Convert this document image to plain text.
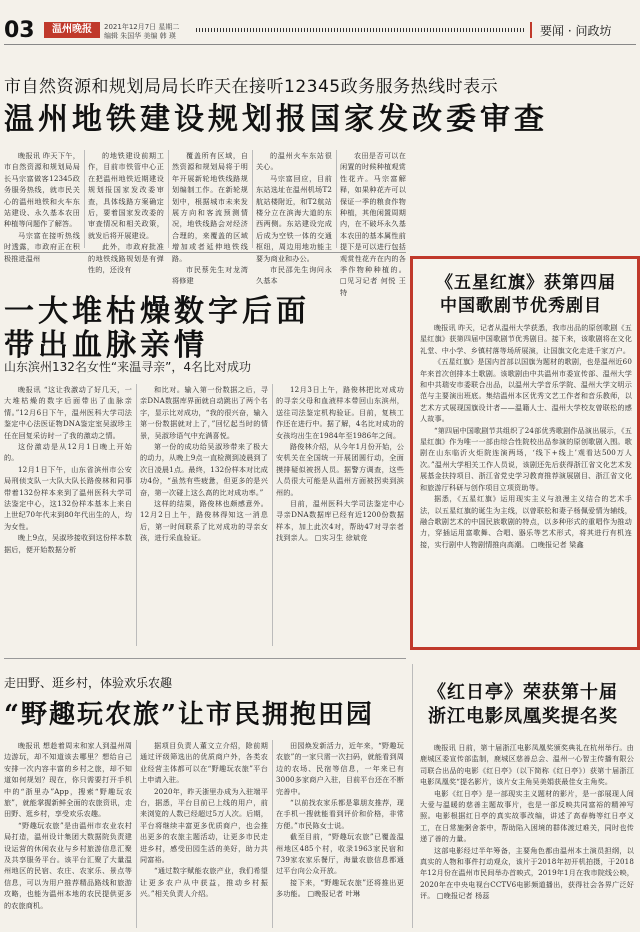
03	温州晚报	2021年12月7日 星期二
编辑 朱国华 美编 韩 瑛	要闻 · 问政坊
市自然资源和规划局局长昨天在接听12345政务服务热线时表示
温州地铁建设规划报国家发改委审查
晚报讯 昨天下午，市自然资源和规划局局长马宗富做客12345政务服务热线，就市民关心的温州地铁和火车东站建设、永久基本农田种植等问题作了解答。
马宗富在接听热线时透露，市政府正在积极推进温州
的地铁建设前期工作，目前市铁管中心正在把温州地铁近期建设规划报国家发改委审查，具体线路方案确定后，要着国家发改委的审查情况和相关政策，就发后将开展建设。
此外，市政府批准的地铁线路规划是有弹性的，还没有
覆盖所有区域，自然资源和规划局将于明年开展新轮地铁线路规划编制工作。在新轮规划中，根据城市未来发展方向和客流预测情况，地铁线路会对经济合理的，来覆盖的区域增加或者延伸地铁线路。
市民蔡先生对龙湾将修建
的温州火车东站很关心。
马宗富回应，目前东站选址在温州机场T2航站楼附近，和T2航站楼分立在滨海大道的东西两侧。东站建设完成后成为空铁一体的交通枢纽，周边用地功能主要为商业和办公。
市民邵先生询问永久基本
农田是否可以在闲置的时候种植观赏性花卉。马宗富解释，如果种花卉可以保证一季的粮食作物种植，其他闲置周期内，在不破坏永久基本农田的基本属性前提下是可以进行包括观赏性花卉在内的各季作物种种植的。 □见习记者 何悦 王特
一大堆枯燥数字后面
带出血脉亲情
山东滨州132名女性“来温寻亲”，4名比对成功
晚报讯 “这让我激动了好几天，一大堆枯燥的数字后面带出了血脉亲情。”12月6日下午，温州医科大学司法鉴定中心法医证物DNA鉴定室吴淑珍主任在回复采访时一了我的激动之情。
这份激动是从12月1日晚上开始的。
12月1日下午，山东省滨州市公安局刑侦支队一大队大队长路俊林和同事带着132份样本来到了温州医科大学司法鉴定中心，这132份样本基本上来自上世纪70年代末到80年代出生的人，均为女性。
晚上9点，吴淑珍接收到这份样本数据后，便开始数据分析
和比对。输入第一份数据之后，寻亲DNA数据库界面就自动跳出了两个名字，显示比对成功，“我的很兴奋，输入第一份数据就对上了，”回忆起当时的情景，吴淑珍语气中充满喜悦。
第一份的成功给吴淑珍带来了极大的动力，从晚上9点一直检测到凌晨到了次日凌晨1点。最终，132份样本对比成功4份，“虽然有些疲惫，但更多的是兴奋，第一次碰上这么高的比对成功率。”
这样的结果，路俊林也颇感意外。12月2日上午，路俊林得知这一消息后，第一时间联系了比对成功的寻亲女孩，进行采血验证。
12月3日上午，路俊林把比对成功的寻亲父母和血液样本带回山东滨州，送往司法鉴定机构验证。目前，复核工作还在进行中。据了解，4名比对成功的女孩均出生在1984年至1986年之间。
路俊林介绍，从今年1月份开始，公安机关在全国统一开展团圆行动，全面摸排疑似被拐人员。据警方调查，这些人员很大可能是从温州方面被拐卖到滨州的。
目前，温州医科大学司法鉴定中心寻亲DNA数据库已经有近1200份数据样本，加上此次4对，帮助47对寻亲者找到亲人。 □实习生 徐斌竞
《五星红旗》获第四届
中国歌剧节优秀剧目
晚报讯 昨天，记者从温州大学获悉，我市出品的原创歌剧《五星红旗》获第四届中国歌剧节优秀剧目。接下来，该歌剧将在文化礼堂、中小学、乡镇村落等场所展演，让国旗文化走进千家万户。
《五星红旗》是国内首部以国旗为题材的歌剧，也是温州近60年来首次创排本土歌剧。该歌剧由中共温州市委宣传部、温州大学和中共瑞安市委联合出品，以温州大学音乐学院、温州大学文明示范与主要演出班底。集结温州本区优秀文艺工作者和音乐教师，以艺术方式展现国旗设计者——温籍人士、温州大学校友曾联松的感人故事。
“第四届中国歌剧节共组织了24部优秀歌剧作品演出展示，《五星红旗》作为唯一一部由综合性院校出品参演的原创歌剧入围。歌剧在山东临沂火炬院连演两场，‘线下+线上’观看达500万人次。”温州大学相关工作人员说，该剧还先后获得浙江省文化艺术发展基金扶持项目、浙江省党史学习教育推荐演展剧目、浙江省文化和旅游厅科研与创作项目立项资助等。
据悉，《五星红旗》运用现实主义与浪漫主义结合的艺术手法，以五星红旗的诞生为主线，以曾联松和妻子杨佩爱情为辅线，融合歌剧艺术的中国民族歌剧的特点，以多种形式的重唱作为推动力，穿插运用富歌舞、合唱、器乐等艺术形式，将其进行有机连接，实行剧中人物剧情推向高潮。 □晚报记者 梁鑫
走田野、逛乡村，体验欢乐农趣
“野趣玩农旅”让市民拥抱田园
晚报讯 想趁着周末和家人到温州周边游玩，却不知道该去哪里？想给自己安排一次内容丰富的乡村之旅，却不知道如何规划？现在，你只需要打开手机中的“浙里办”App，搜索“野趣玩农旅”，就能掌握新鲜全面的农旅资讯，走田野、逛乡村，享受欢乐农趣。
“野趣玩农旅”是由温州市农业农村局打造，温州设计集团大数据院负责建设运营的休闲农业与乡村旅游信息汇聚及共享服务平台。该平台汇聚了大量温州地区的民宿、农庄、农家乐、景点等信息，可以为用户推荐精品路线和旅游攻略，也能为温州本地的农民提供更多的农旅商机。
据项目负责人董文立介绍，除前期通过评级筛选出的优质商户外，各类农业经营主体都可以在“野趣玩农旅”平台上申请入驻。
2020年，昨天浙里办成为入驻端平台，据悉，平台目前已上线的用户，前来浏览的人数已经超过5万人次。后期，平台将继续丰富更多优质商户，也会推出更多的农旅主题活动，让更多市民走进乡村，感受田园生活的美好，助力共同富裕。
“通过数字赋能农旅产业，我们希望让更多农户从中获益，推动乡村振兴。”相关负责人介绍。
田园焕发新活力，近年来，“野趣玩农旅”的一家只需一次扫码，就能看到周边的农场、民宿等信息，一年来已有3000多家商户入驻，目前平台还在不断完善中。
“以前找农家乐都是靠朋友推荐，现在手机一搜就能看到评价和价格，非常方便。”市民陈女士说。
截至目前，“野趣玩农旅”已覆盖温州地区485个村，收录1963家民宿和739家农家乐餐厅，海量农旅信息都通过平台向公众开放。
接下来，“野趣玩农旅”还将推出更多功能。 □晚报记者 叶琳
《红日亭》荣获第十届
浙江电影凤凰奖提名奖
晚报讯 日前，第十届浙江电影凤凰奖颁奖典礼在杭州举行。由鹿城区委宣传部监制，鹿城区慈善总会、温州一心智主传播有限公司联合出品的电影《红日亭》（以下简称《红日亭》）获第十届浙江电影凤凰奖“提名影片，该片女主角吴美娟获最佳女主角奖。
电影《红日亭》是一部现实主义题材的影片，是一部展现人间大爱与温暖的慈善主题故事片，也是一部反映共同富裕的精神写照。电影根据红日亭的真实故事改编，讲述了高春梅等红日亭义工，在日常施粥舍茶中，帮助陷入困境的群体渡过难关，同时也传递了善的力量。
这部电影经过半年筹备，主要角色都由温州本土演员担纲，以真实的人物和事件打动观众，该片于2018年初开机拍摄，于2018年12月份在温州市民间举办首映式，2019年1月在我市院线公映，2020年在中央电视台CCTV6电影频道播出，获得社会各界广泛好评。 □晚报记者 杨蕊
